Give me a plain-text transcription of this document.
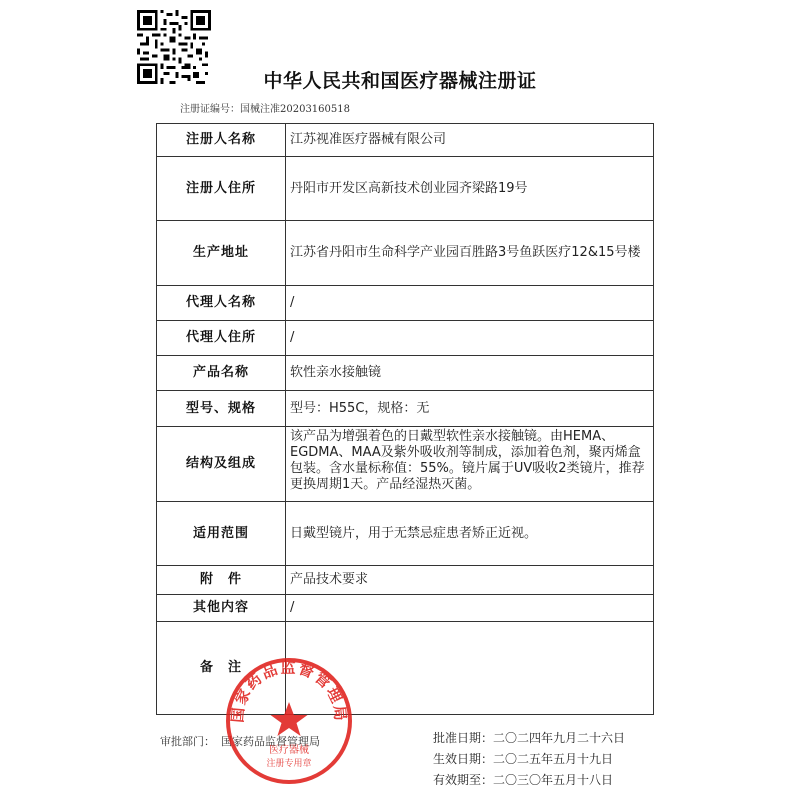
中华人民共和国医疗器械注册证
注册证编号：国械注准20203160518
注册人名称	江苏视准医疗器械有限公司
注册人住所	丹阳市开发区高新技术创业园齐梁路19号
生产地址	江苏省丹阳市生命科学产业园百胜路3号鱼跃医疗12&15号楼
代理人名称	/
代理人住所	/
产品名称	软性亲水接触镜
型号、规格	型号：H55C，规格：无
结构及组成	该产品为增强着色的日戴型软性亲水接触镜。由HEMA、EGDMA、MAA及紫外吸收剂等制成，添加着色剂，聚丙烯盒包装。含水量标称值：55%。镜片属于UV吸收2类镜片，推荐更换周期1天。产品经湿热灭菌。
适用范围	日戴型镜片，用于无禁忌症患者矫正近视。
附　件	产品技术要求
其他内容	/
备　注	
审批部门： 国家药品监督管理局	批准日期：二〇二四年九月二十六日
生效日期：二〇二五年五月十九日
有效期至：二〇三〇年五月十八日
国家药品监督管理局
医疗器械
注册专用章
